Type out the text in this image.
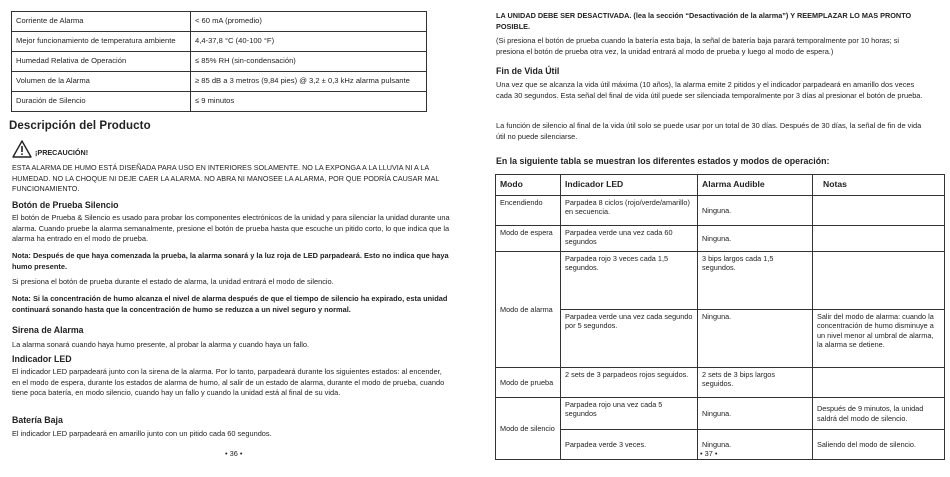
Corriente de Alarma	< 60 mA (promedio)
Mejor funcionamiento de temperatura ambiente	4,4-37,8 °C (40-100 °F)
Humedad Relativa de Operación	≤ 85% RH (sin-condensación)
Volumen de la Alarma	≥ 85 dB a 3 metros (9,84 pies) @ 3,2 ± 0,3 kHz alarma pulsante
Duración de Silencio	≤ 9 minutos
Descripción del Producto
¡PRECAUCIÓN!

ESTA ALARMA DE HUMO ESTÁ DISEÑADA PARA USO EN INTERIORES SOLAMENTE. NO LA EXPONGA A LA LLUVIA NI A LA HUMEDAD. NO LA CHOQUE NI DEJE CAER LA ALARMA. NO ABRA NI MANOSEE LA ALARMA, POR QUE PODRÍA CAUSAR MAL FUNCIONAMIENTO.

Botón de Prueba Silencio

El botón de Prueba & Silencio es usado para probar los componentes electrónicos de la unidad y para silenciar la unidad durante una alarma. Cuando pruebe la alarma semanalmente, presione el botón de prueba hasta que escuche un pitido corto, lo que indica que la alarma ha entrado en el modo de prueba.

Nota: Después de que haya comenzada la prueba, la alarma sonará y la luz roja de LED parpadeará. Esto no indica que haya humo presente.

Si presiona el botón de prueba durante el estado de alarma, la unidad entrará el modo de silencio.

Nota: Si la concentración de humo alcanza el nivel de alarma después de que el tiempo de silencio ha expirado, esta unidad continuará sonando hasta que la concentración de humo se reduzca a un nivel seguro y normal.

Sirena de Alarma

La alarma sonará cuando haya humo presente, al probar la alarma y cuando haya un fallo.

Indicador LED

El indicador LED parpadeará junto con la sirena de la alarma. Por lo tanto, parpadeará durante los siguientes estados: al encender, en el modo de espera, durante los estados de alarma de humo, al salir de un estado de alarma, durante el modo de prueba, cuando tiene poca batería, en modo silencio, cuando hay un fallo y cuando la unidad está al final de su vida.

Batería Baja

El indicador LED parpadeará en amarillo junto con un pitido cada 60 segundos.

• 36 •

LA UNIDAD DEBE SER DESACTIVADA. (lea la sección “Desactivación de la alarma”) Y REEMPLAZAR LO MAS PRONTO POSIBLE.

(Si presiona el botón de prueba cuando la batería esta baja, la señal de batería baja parará temporalmente por 10 horas; si presiona el botón de prueba otra vez, la unidad entrará al modo de prueba y luego al modo de espera.)

Fin de Vida Útil

Una vez que se alcanza la vida útil máxima (10 años), la alarma emite 2 pitidos y el indicador parpadeará en amarillo dos veces cada 30 segundos. Esta señal del final de vida útil puede ser silenciada temporalmente por 3 días al presionar el botón de prueba.

La función de silencio al final de la vida útil solo se puede usar por un total de 30 días. Después de 30 días, la señal de fin de vida útil no puede silenciarse.

En la siguiente tabla se muestran los diferentes estados y modos de operación:

Modo	Indicador LED	Alarma Audible	Notas
Encendiendo	Parpadea 8 ciclos (rojo/verde/amarillo) en secuencia.	Ninguna.	
Modo de espera	Parpadea verde una vez cada 60 segundos	Ninguna.	
Modo de alarma	Parpadea rojo 3 veces cada 1,5 segundos.	3 bips largos cada 1,5 segundos.	
	Parpadea verde una vez cada segundo por 5 segundos.	Ninguna.	Salir del modo de alarma: cuando la concentración de humo disminuye a un nivel menor al umbral de alarma, la alarma se detiene.
Modo de prueba	2 sets de 3 parpadeos rojos seguidos.	2 sets de 3 bips largos seguidos.	
Modo de silencio	Parpadea rojo una vez cada 5 segundos	Ninguna.	Después de 9 minutos, la unidad saldrá del modo de silencio.
	Parpadea verde 3 veces.	Ninguna.	Saliendo del modo de silencio.
• 37 •
